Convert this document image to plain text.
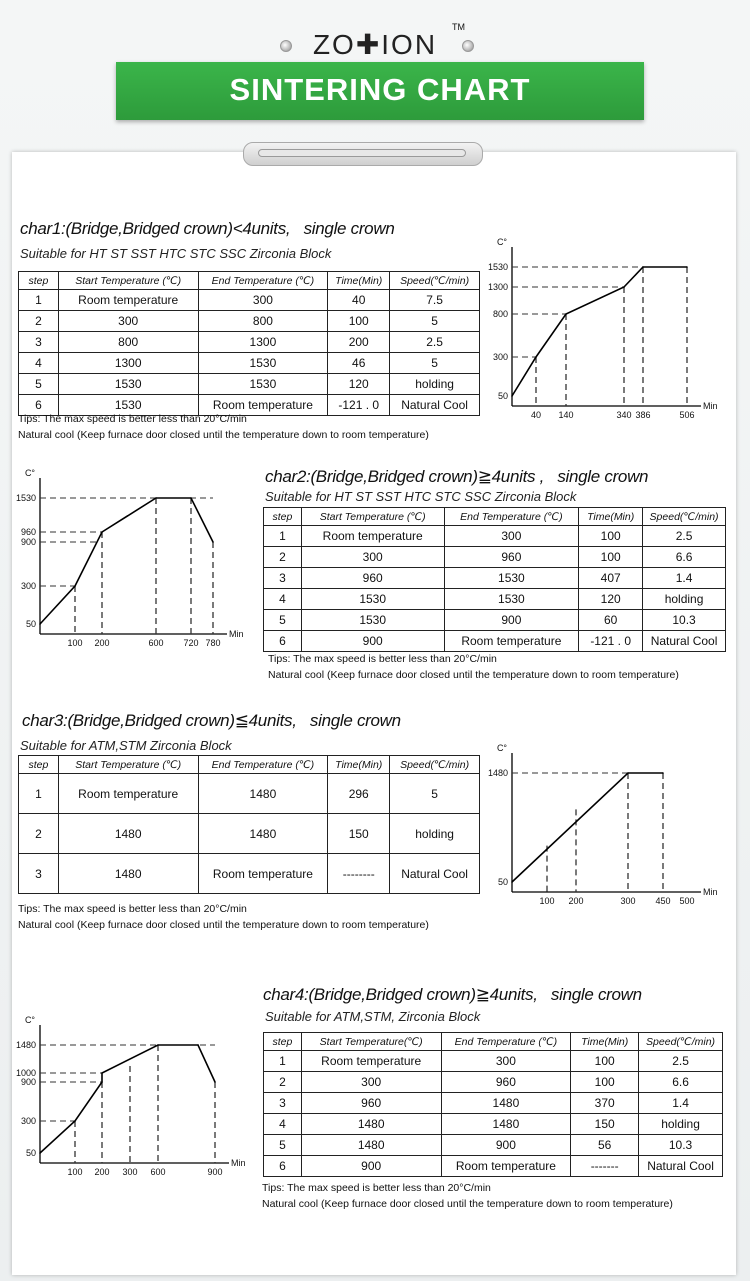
ZO✚ION
TM
SINTERING CHART
char1:(Bridge,Bridged crown)<4units,   single crown
Suitable for HT ST SST HTC STC SSC Zirconia Block
step	Start Temperature (℃)	End Temperature (℃)	Time(Min)	Speed(℃/min)
1	Room temperature	300	40	7.5
2	300	800	100	5
3	800	1300	200	2.5
4	1300	1530	46	5
5	1530	1530	120	holding
6	1530	Room temperature	-121 . 0	Natural Cool
Tips: The max speed is better less than 20°C/min
Natural cool (Keep furnace door closed until the temperature down to room temperature)
C°
Min
50
300
800
1300
1530
40 140	340 386	506
char2:(Bridge,Bridged crown)≧4units ,   single crown
Suitable for HT ST SST HTC STC SSC Zirconia Block
step	Start Temperature (℃)	End Temperature (℃)	Time(Min)	Speed(℃/min)
1	Room temperature	300	100	2.5
2	300	960	100	6.6
3	960	1530	407	1.4
4	1530	1530	120	holding
5	1530	900	60	10.3
6	900	Room temperature	-121 . 0	Natural Cool
Tips: The max speed is better less than 20°C/min
Natural cool (Keep furnace door closed until the temperature down to room temperature)
C°
Min
50
300
900
960
1530
100 200	600 720 780
char3:(Bridge,Bridged crown)≦4units,   single crown
Suitable for ATM,STM Zirconia Block
step	Start Temperature (℃)	End Temperature (℃)	Time(Min)	Speed(℃/min)
1	Room temperature	1480	296	5
2	1480	1480	150	holding
3	1480	Room temperature	--------	Natural Cool
Tips: The max speed is better less than 20°C/min
Natural cool (Keep furnace door closed until the temperature down to room temperature)
C°
Min
50
1480
100 200	300 450 500
char4:(Bridge,Bridged crown)≧4units,   single crown
Suitable for ATM,STM, Zirconia Block
step	Start Temperature(℃)	End Temperature (℃)	Time(Min)	Speed(℃/min)
1	Room temperature	300	100	2.5
2	300	960	100	6.6
3	960	1480	370	1.4
4	1480	1480	150	holding
5	1480	900	56	10.3
6	900	Room temperature	-------	Natural Cool
Tips: The max speed is better less than 20°C/min
Natural cool (Keep furnace door closed until the temperature down to room temperature)
C°
Min
50
300
900
1000
1480
100 200 300 600	900
